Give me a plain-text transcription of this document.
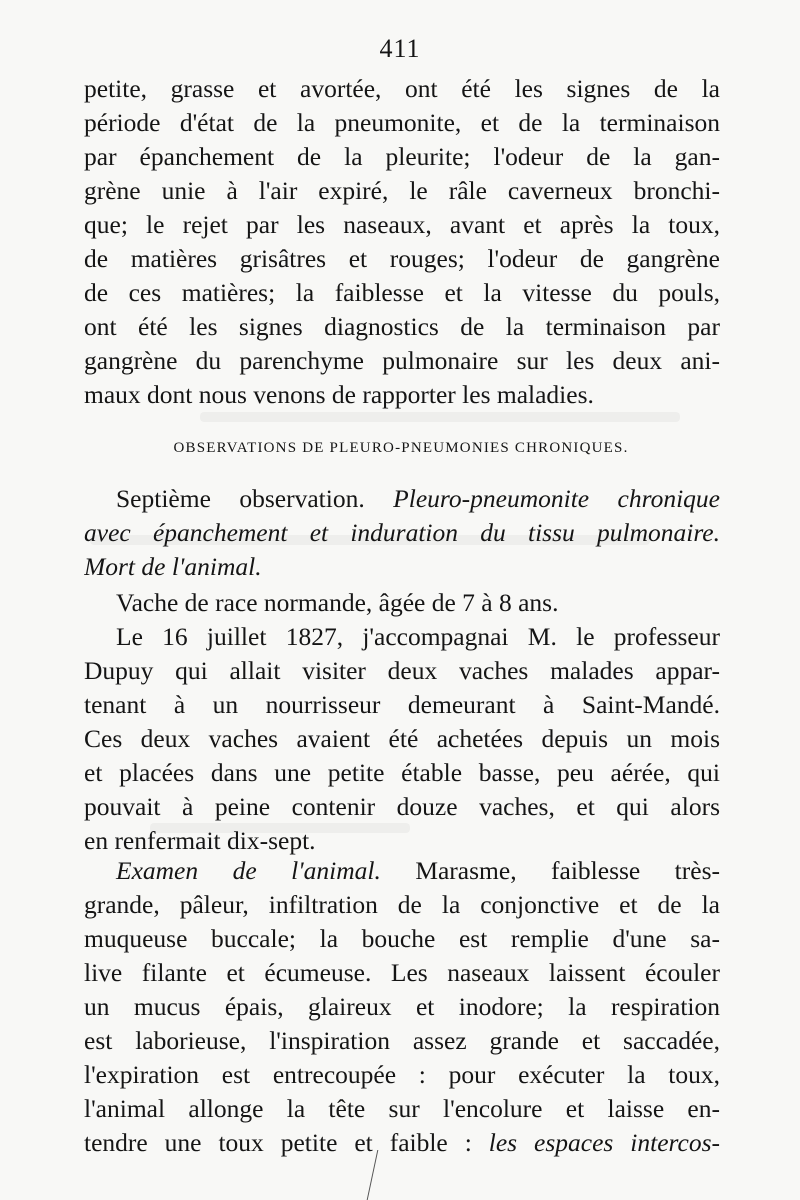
411
petite, grasse et avortée, ont été les signes de la
période d'état de la pneumonite, et de la terminaison
par épanchement de la pleurite; l'odeur de la gan-
grène unie à l'air expiré, le râle caverneux bronchi-
que; le rejet par les naseaux, avant et après la toux,
de matières grisâtres et rouges; l'odeur de gangrène
de ces matières; la faiblesse et la vitesse du pouls,
ont été les signes diagnostics de la terminaison par
gangrène du parenchyme pulmonaire sur les deux ani-
maux dont nous venons de rapporter les maladies.
OBSERVATIONS DE PLEURO-PNEUMONIES CHRONIQUES.
Septième observation. Pleuro-pneumonite chronique
avec épanchement et induration du tissu pulmonaire.
Mort de l'animal.
Vache de race normande, âgée de 7 à 8 ans.
Le 16 juillet 1827, j'accompagnai M. le professeur
Dupuy qui allait visiter deux vaches malades appar-
tenant à un nourrisseur demeurant à Saint-Mandé.
Ces deux vaches avaient été achetées depuis un mois
et placées dans une petite étable basse, peu aérée, qui
pouvait à peine contenir douze vaches, et qui alors
en renfermait dix-sept.
Examen de l'animal. Marasme, faiblesse très-
grande, pâleur, infiltration de la conjonctive et de la
muqueuse buccale; la bouche est remplie d'une sa-
live filante et écumeuse. Les naseaux laissent écouler
un mucus épais, glaireux et inodore; la respiration
est laborieuse, l'inspiration assez grande et saccadée,
l'expiration est entrecoupée : pour exécuter la toux,
l'animal allonge la tête sur l'encolure et laisse en-
tendre une toux petite et faible : les espaces intercos-
